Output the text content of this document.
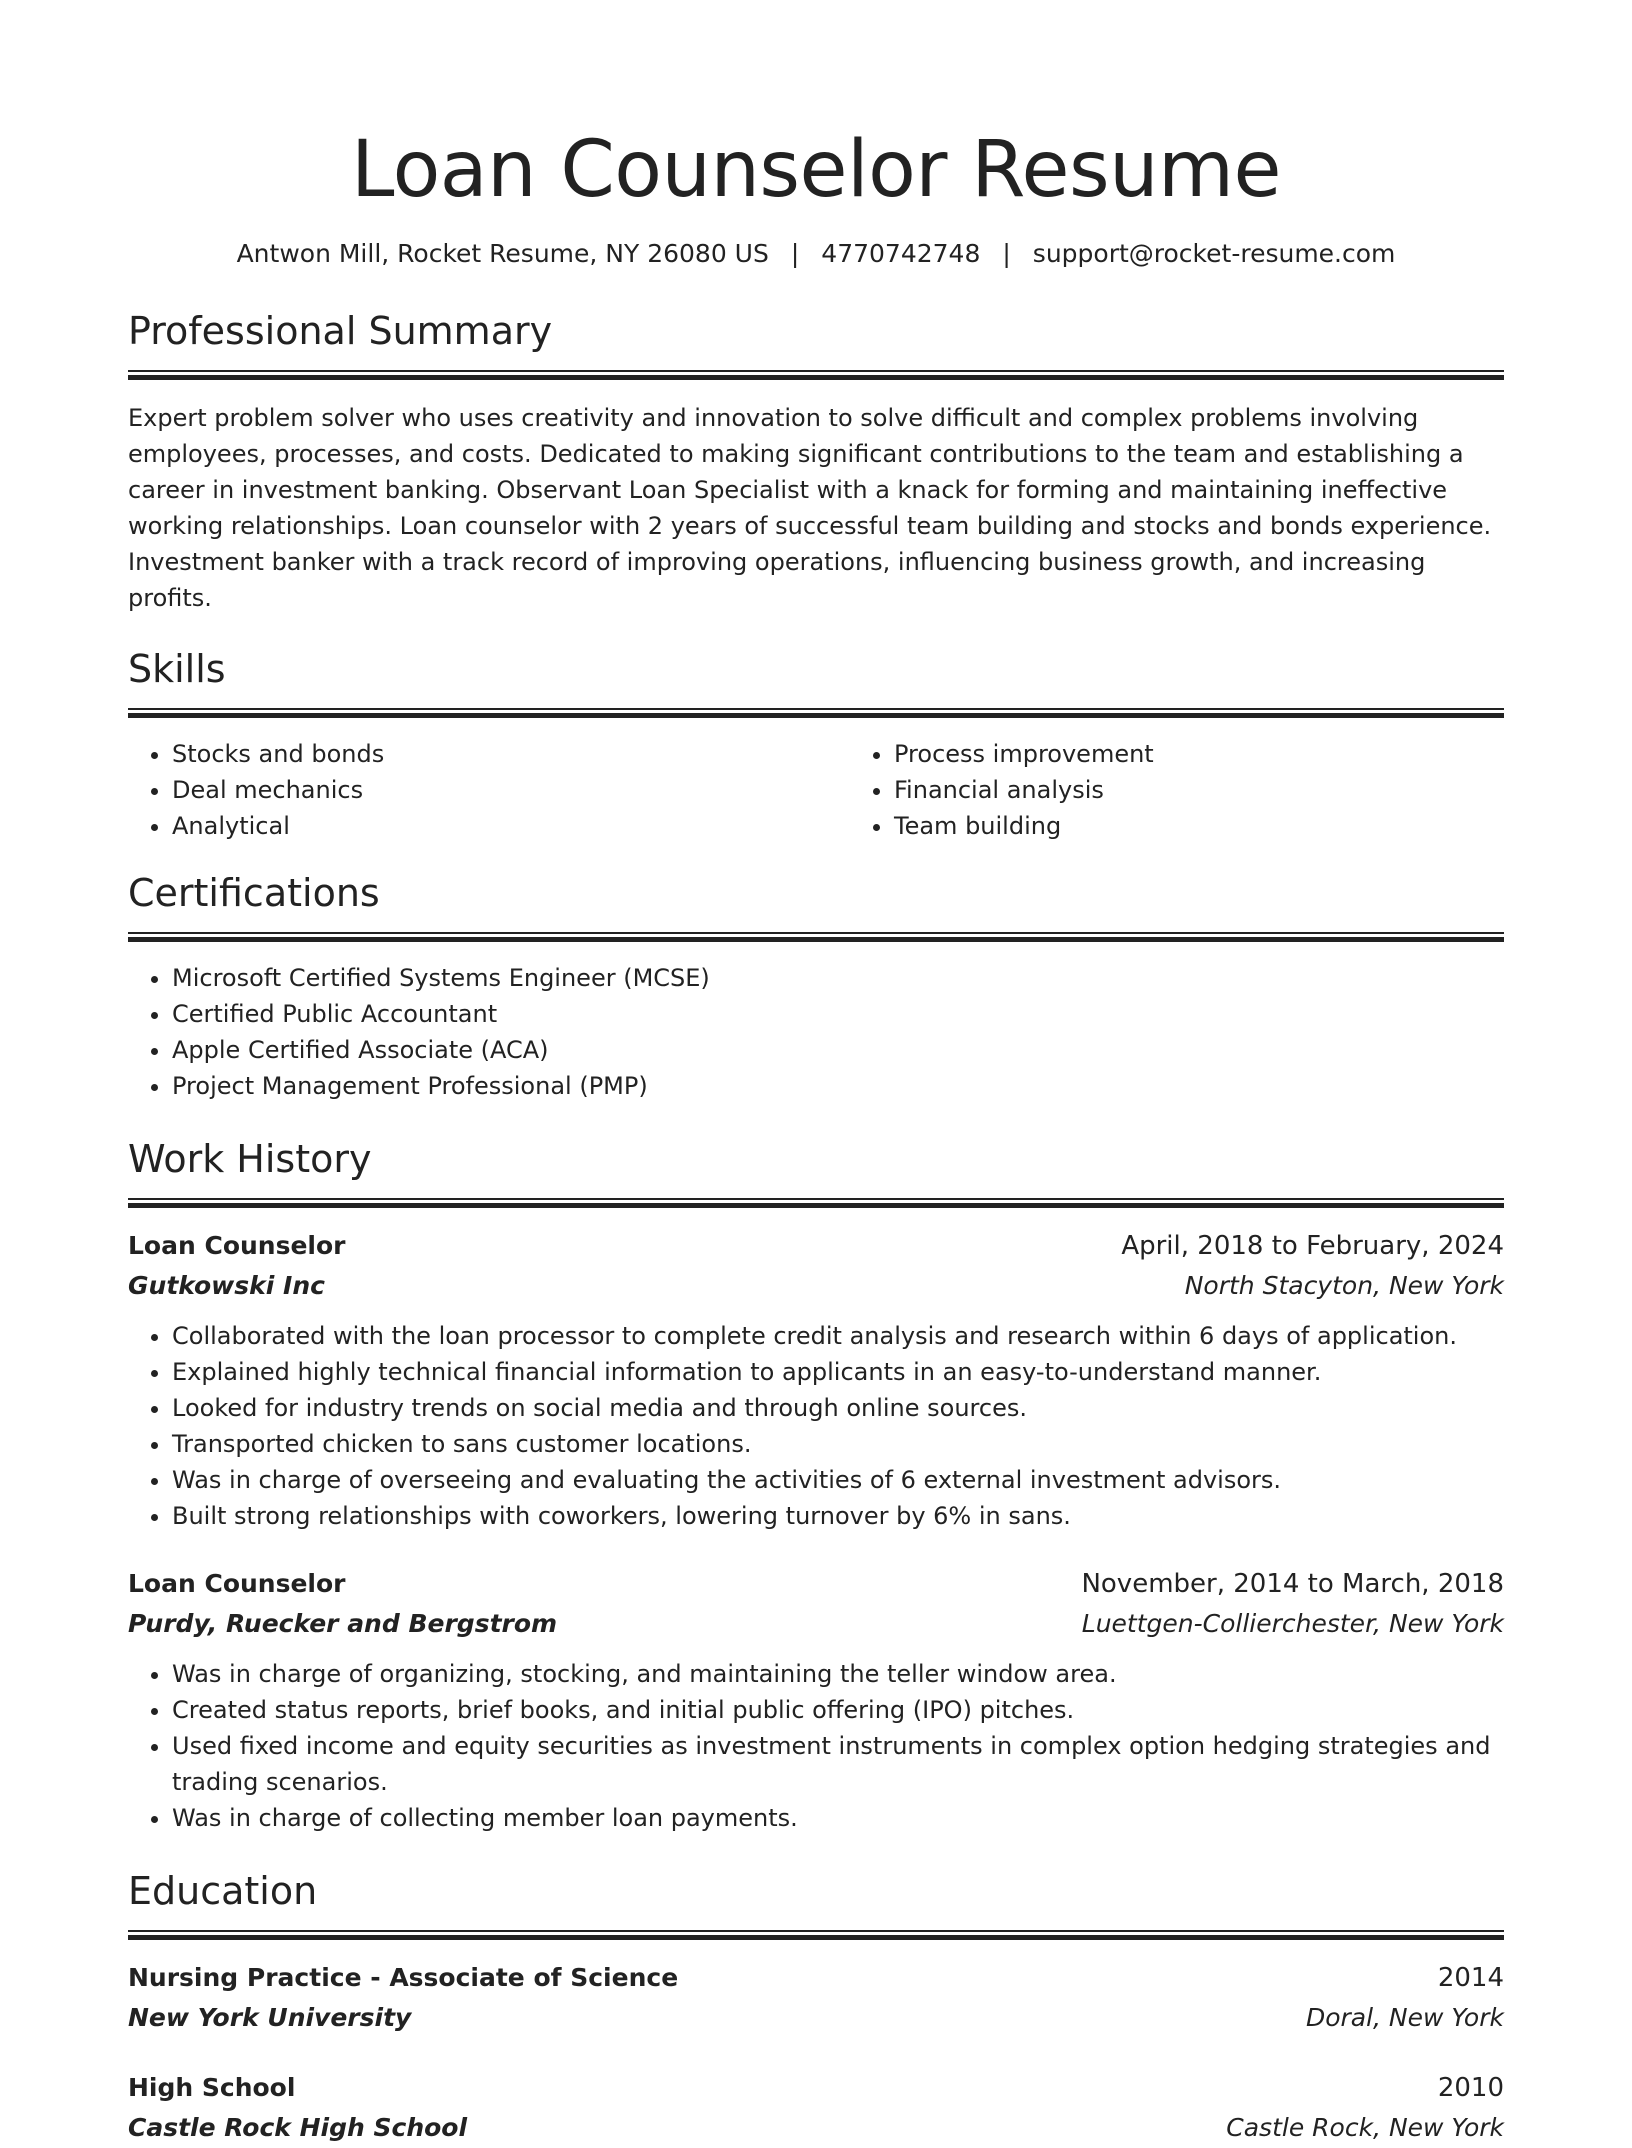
Loan Counselor Resume
Antwon Mill, Rocket Resume, NY 26080 US | 4770742748 | support@rocket-resume.com
Professional Summary
Expert problem solver who uses creativity and innovation to solve difficult and complex problems involving employees, processes, and costs. Dedicated to making significant contributions to the team and establishing a career in investment banking. Observant Loan Specialist with a knack for forming and maintaining ineffective working relationships. Loan counselor with 2 years of successful team building and stocks and bonds experience. Investment banker with a track record of improving operations, influencing business growth, and increasing profits.
Skills
• Stocks and bonds
• Deal mechanics
• Analytical
• Process improvement
• Financial analysis
• Team building
Certifications
• Microsoft Certified Systems Engineer (MCSE)
• Certified Public Accountant
• Apple Certified Associate (ACA)
• Project Management Professional (PMP)
Work History
Loan Counselor	April, 2018 to February, 2024
Gutkowski Inc	North Stacyton, New York
• Collaborated with the loan processor to complete credit analysis and research within 6 days of application.
• Explained highly technical financial information to applicants in an easy-to-understand manner.
• Looked for industry trends on social media and through online sources.
• Transported chicken to sans customer locations.
• Was in charge of overseeing and evaluating the activities of 6 external investment advisors.
• Built strong relationships with coworkers, lowering turnover by 6% in sans.
Loan Counselor	November, 2014 to March, 2018
Purdy, Ruecker and Bergstrom	Luettgen-Collierchester, New York
• Was in charge of organizing, stocking, and maintaining the teller window area.
• Created status reports, brief books, and initial public offering (IPO) pitches.
• Used fixed income and equity securities as investment instruments in complex option hedging strategies and trading scenarios.
• Was in charge of collecting member loan payments.
Education
Nursing Practice - Associate of Science	2014
New York University	Doral, New York
High School	2010
Castle Rock High School	Castle Rock, New York
